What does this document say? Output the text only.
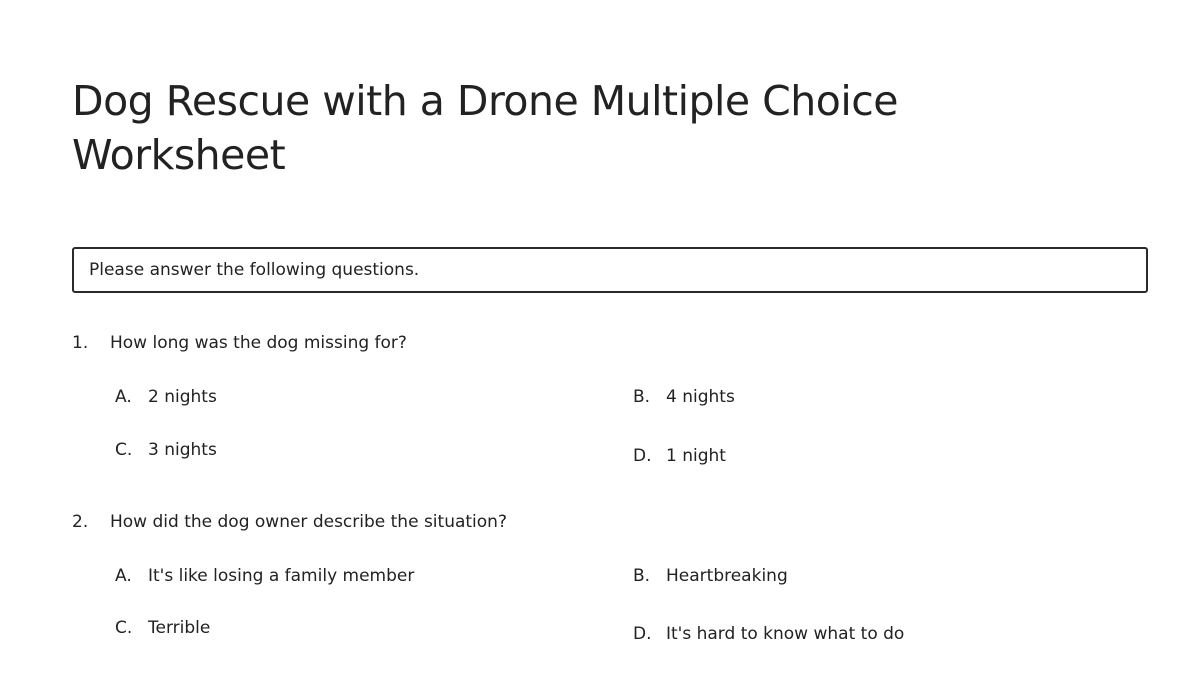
Dog Rescue with a Drone Multiple Choice Worksheet
Please answer the following questions.
1.	How long was the dog missing for?
A. 2 nights	B. 4 nights
C. 3 nights	D. 1 night
2.	How did the dog owner describe the situation?
A. It's like losing a family member	B. Heartbreaking
C. Terrible	D. It's hard to know what to do
